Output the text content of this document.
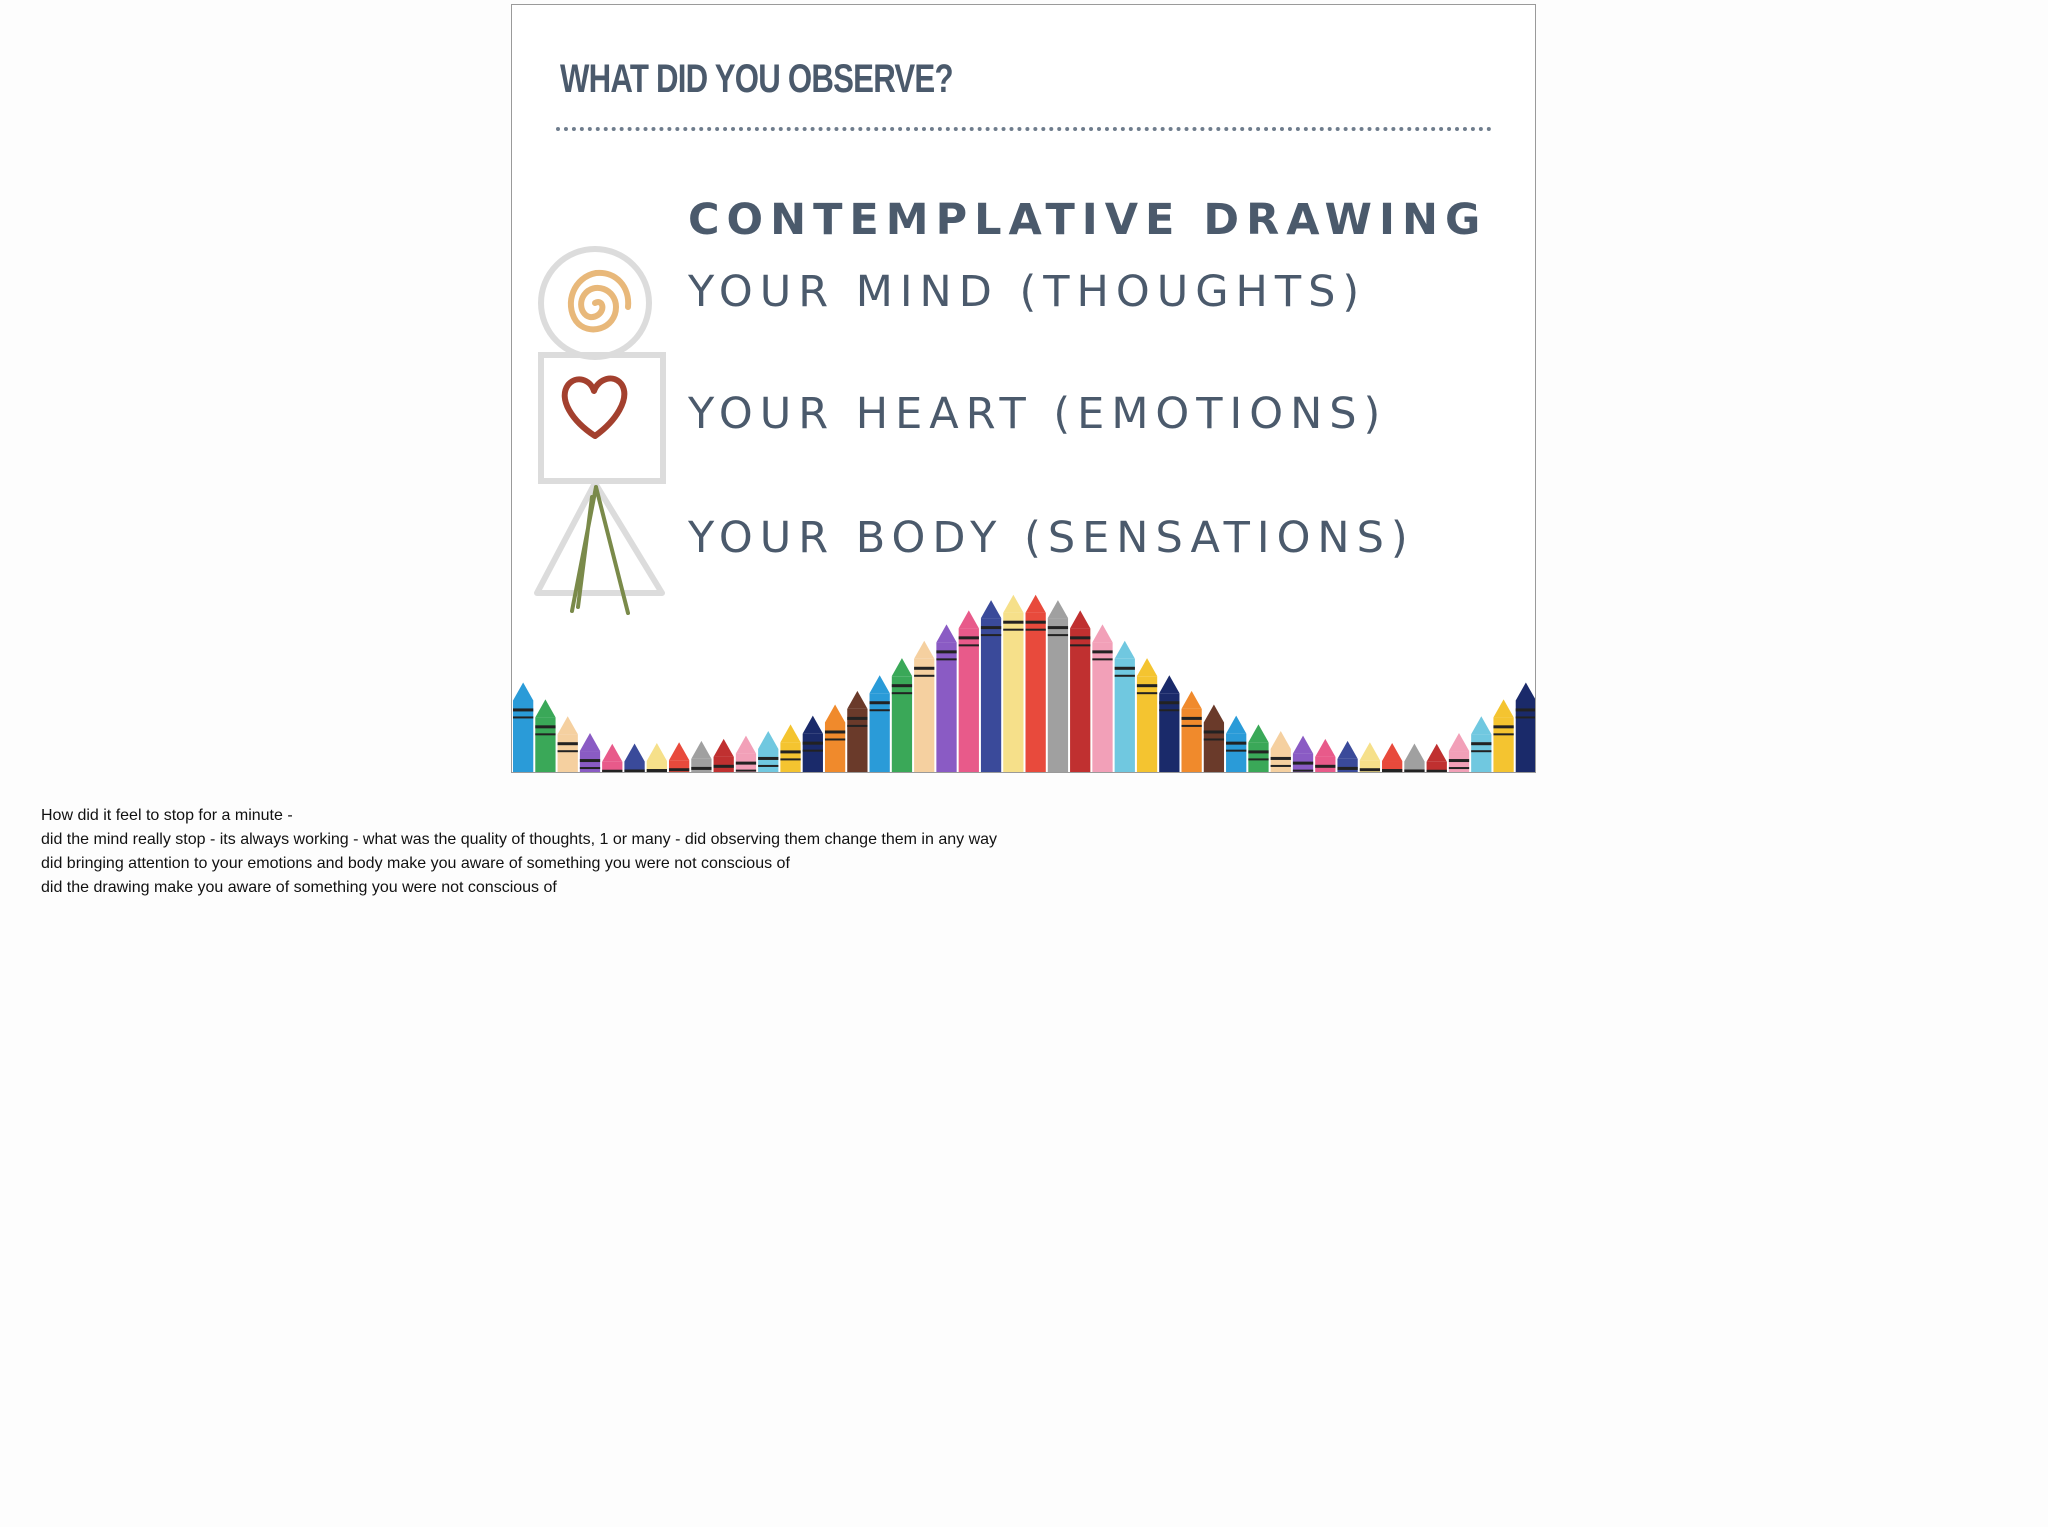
WHAT DID YOU OBSERVE?
CONTEMPLATIVE DRAWING
YOUR MIND (THOUGHTS)
YOUR HEART (EMOTIONS)
YOUR BODY (SENSATIONS)
How did it feel to stop for a minute -
did the mind really stop - its always working - what was the quality of thoughts, 1 or many - did observing them change them in any way
did bringing attention to your emotions and body make you aware of something you were not conscious of
did the drawing make you aware of something you were not conscious of
